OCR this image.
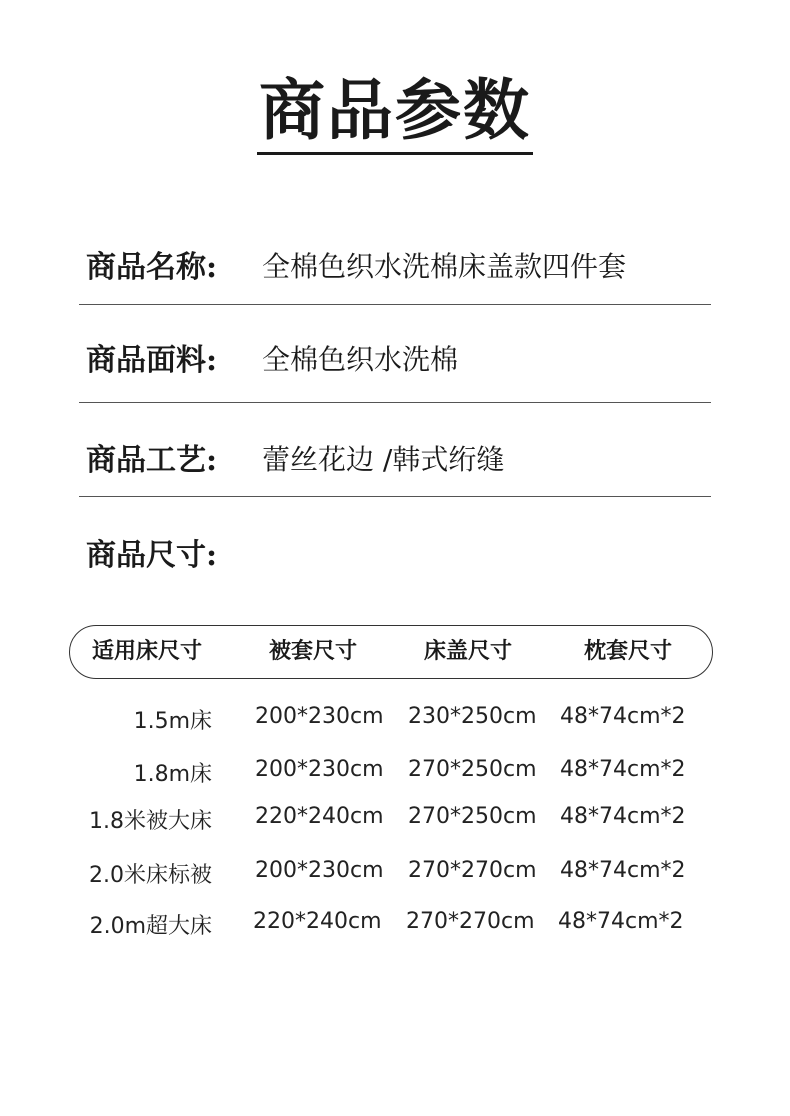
商品参数
商品名称: 全棉色织水洗棉床盖款四件套
商品面料: 全棉色织水洗棉
商品工艺: 蕾丝花边 /韩式绗缝
商品尺寸:
适用床尺寸	被套尺寸	床盖尺寸	枕套尺寸
1.5m床 200*230cm 230*250cm 48*74cm*2
1.8m床 200*230cm 270*250cm 48*74cm*2
1.8米被大床 220*240cm 270*250cm 48*74cm*2
2.0米床标被 200*230cm 270*270cm 48*74cm*2
2.0m超大床 220*240cm 270*270cm 48*74cm*2
